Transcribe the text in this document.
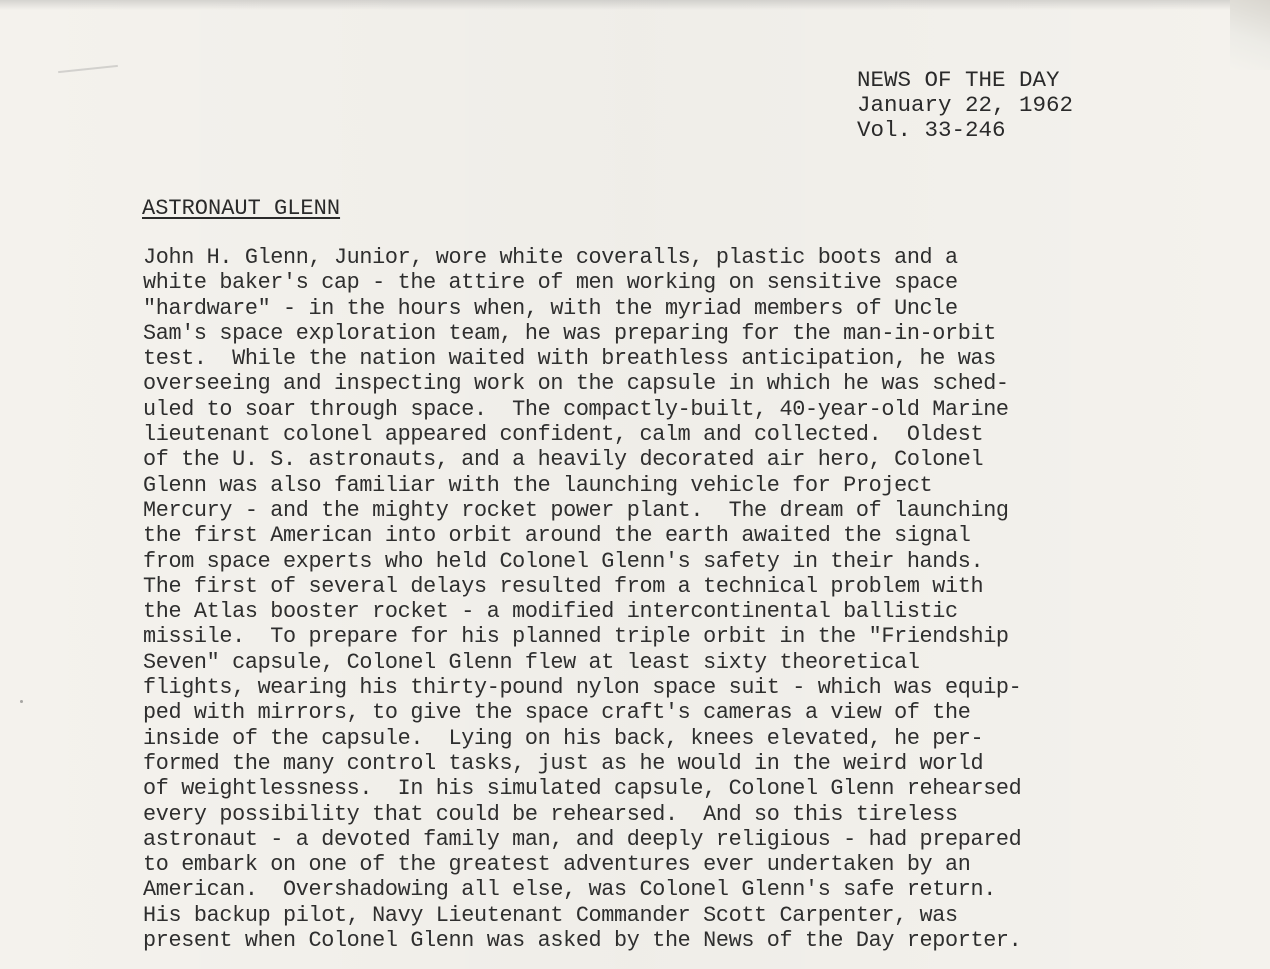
NEWS OF THE DAY
January 22, 1962
Vol. 33-246
ASTRONAUT GLENN
John H. Glenn, Junior, wore white coveralls, plastic boots and a
white baker's cap - the attire of men working on sensitive space
"hardware" - in the hours when, with the myriad members of Uncle
Sam's space exploration team, he was preparing for the man-in-orbit
test.  While the nation waited with breathless anticipation, he was
overseeing and inspecting work on the capsule in which he was sched-
uled to soar through space.  The compactly-built, 40-year-old Marine
lieutenant colonel appeared confident, calm and collected.  Oldest
of the U. S. astronauts, and a heavily decorated air hero, Colonel
Glenn was also familiar with the launching vehicle for Project
Mercury - and the mighty rocket power plant.  The dream of launching
the first American into orbit around the earth awaited the signal
from space experts who held Colonel Glenn's safety in their hands.
The first of several delays resulted from a technical problem with
the Atlas booster rocket - a modified intercontinental ballistic
missile.  To prepare for his planned triple orbit in the "Friendship
Seven" capsule, Colonel Glenn flew at least sixty theoretical
flights, wearing his thirty-pound nylon space suit - which was equip-
ped with mirrors, to give the space craft's cameras a view of the
inside of the capsule.  Lying on his back, knees elevated, he per-
formed the many control tasks, just as he would in the weird world
of weightlessness.  In his simulated capsule, Colonel Glenn rehearsed
every possibility that could be rehearsed.  And so this tireless
astronaut - a devoted family man, and deeply religious - had prepared
to embark on one of the greatest adventures ever undertaken by an
American.  Overshadowing all else, was Colonel Glenn's safe return.
His backup pilot, Navy Lieutenant Commander Scott Carpenter, was
present when Colonel Glenn was asked by the News of the Day reporter.
